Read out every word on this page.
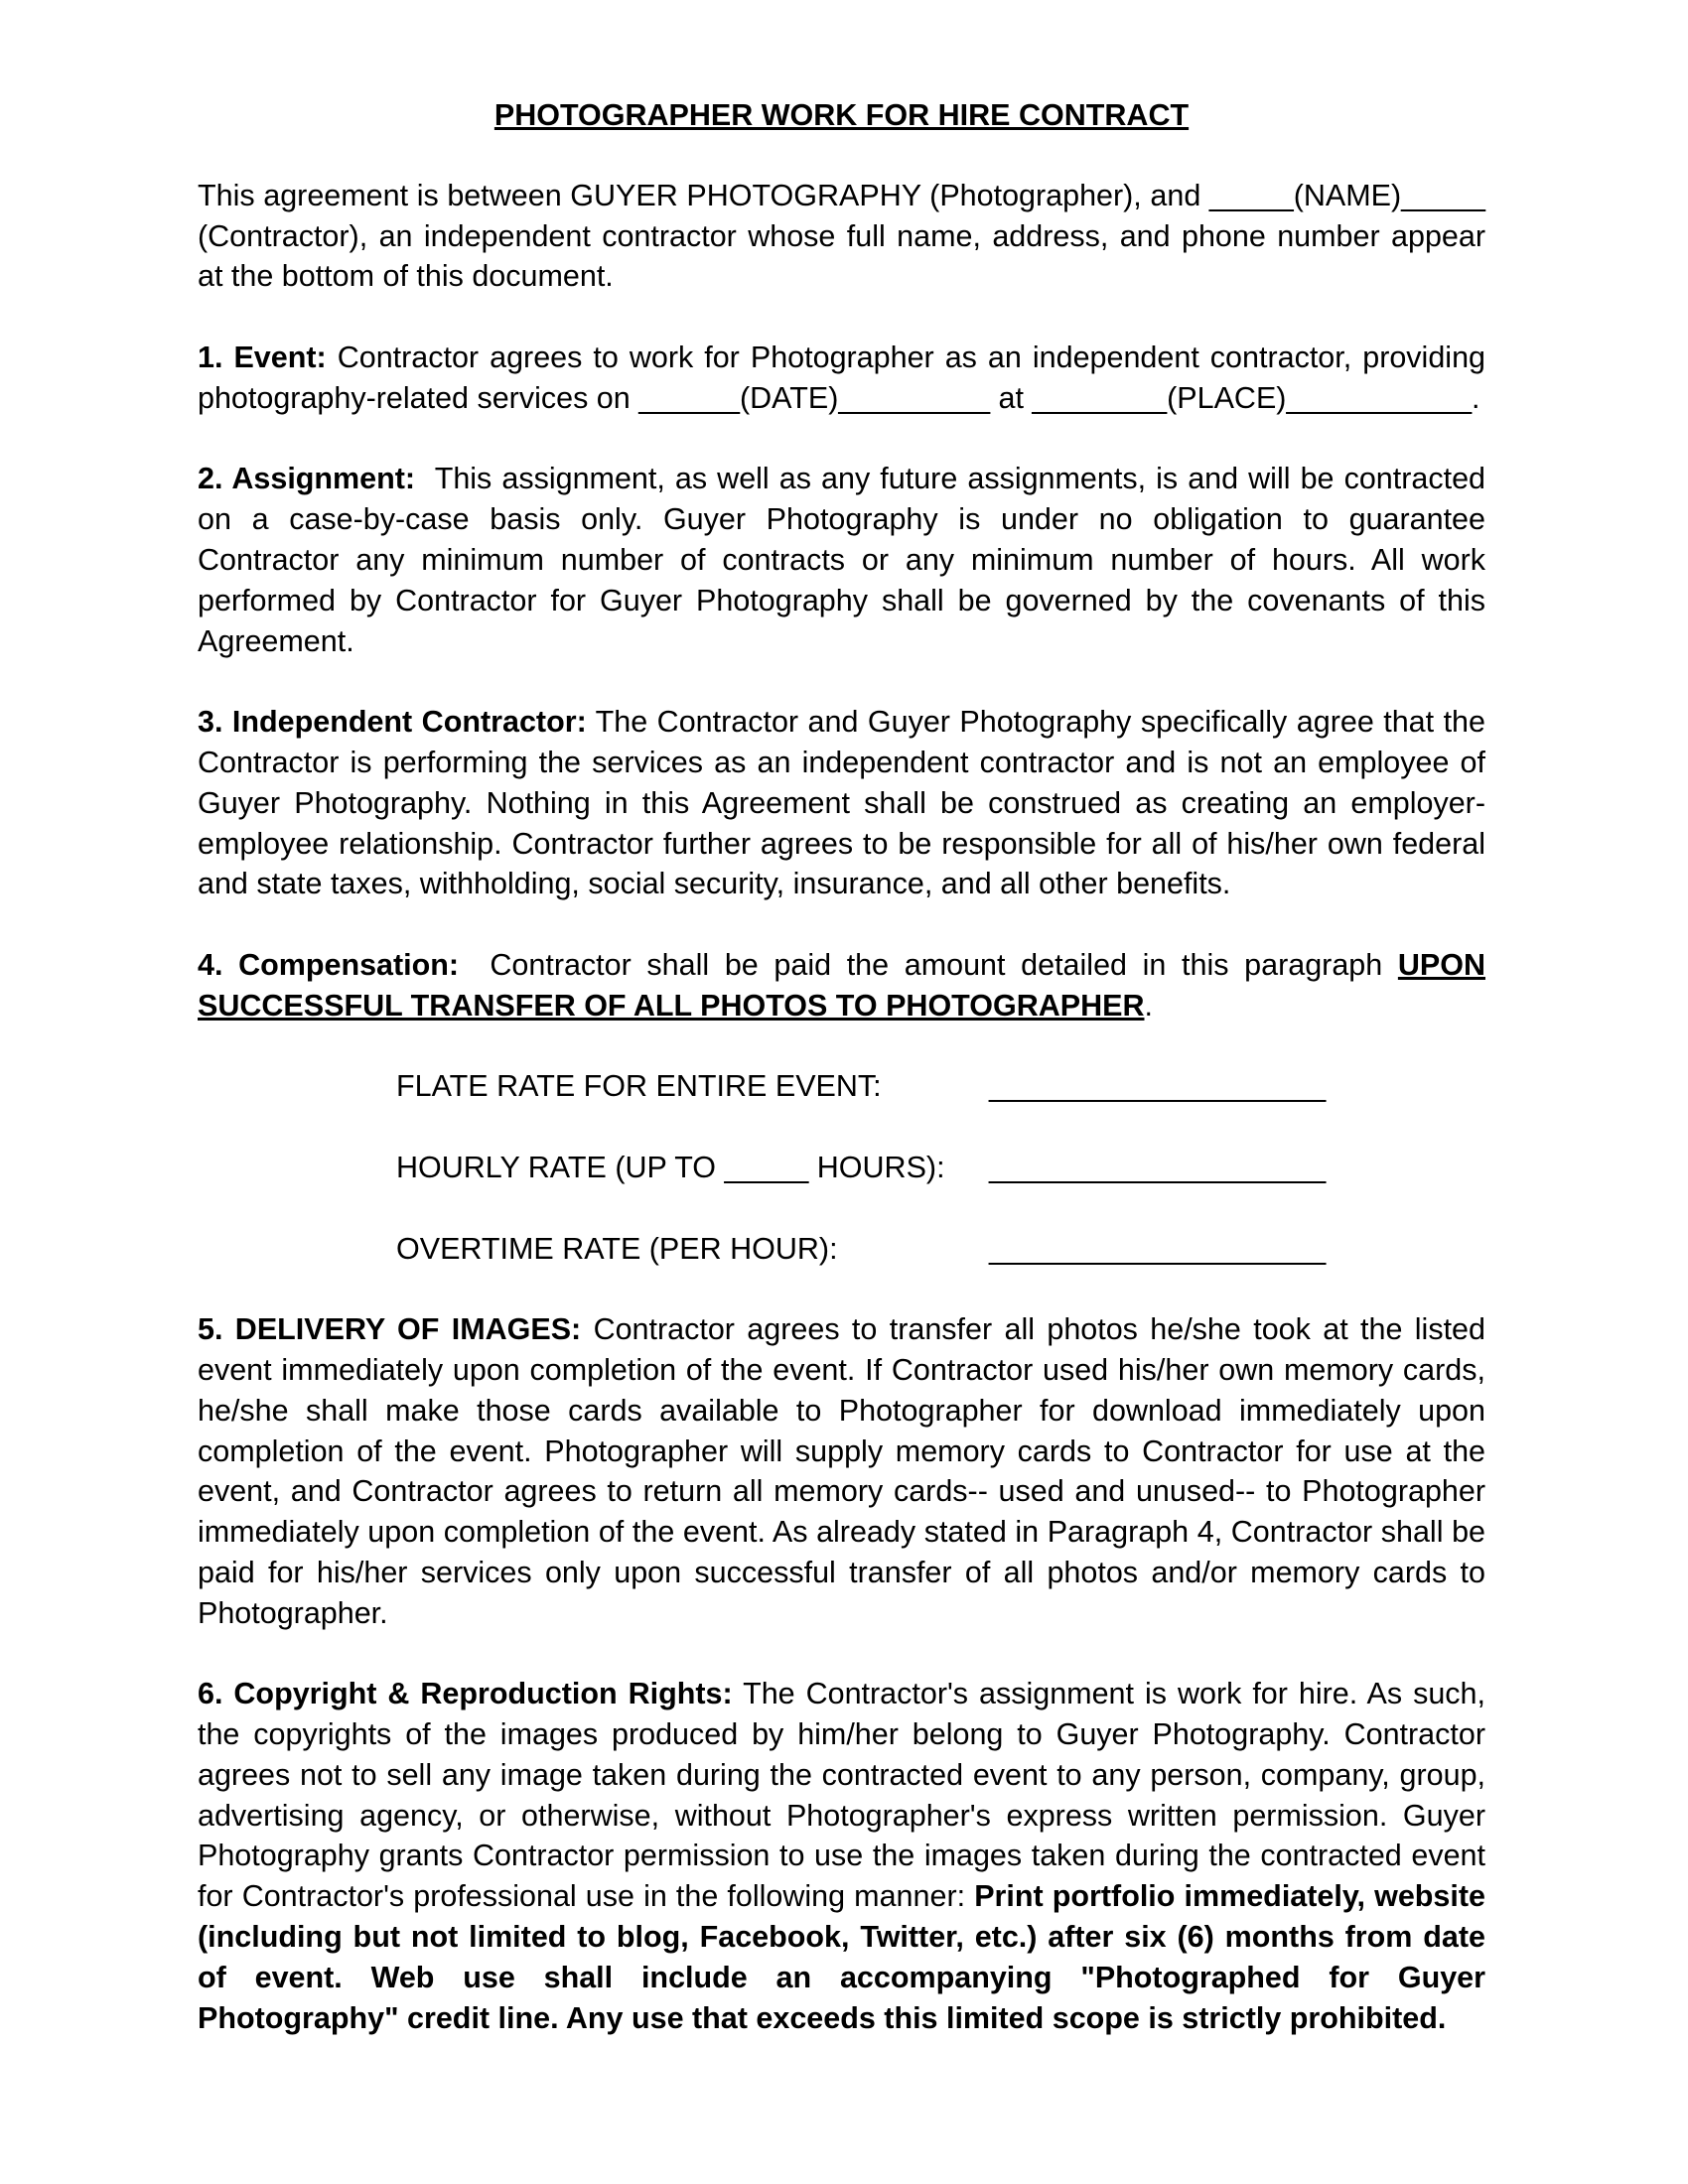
PHOTOGRAPHER WORK FOR HIRE CONTRACT

This agreement is between GUYER PHOTOGRAPHY (Photographer), and _____(NAME)_____ (Contractor), an independent contractor whose full name, address, and phone number appear at the bottom of this document.

1. Event: Contractor agrees to work for Photographer as an independent contractor, providing photography-related services on ______(DATE)_________ at ________(PLACE)___________.

2. Assignment: This assignment, as well as any future assignments, is and will be contracted on a case-by-case basis only. Guyer Photography is under no obligation to guarantee Contractor any minimum number of contracts or any minimum number of hours. All work performed by Contractor for Guyer Photography shall be governed by the covenants of this Agreement.

3. Independent Contractor: The Contractor and Guyer Photography specifically agree that the Contractor is performing the services as an independent contractor and is not an employee of Guyer Photography. Nothing in this Agreement shall be construed as creating an employer-employee relationship. Contractor further agrees to be responsible for all of his/her own federal and state taxes, withholding, social security, insurance, and all other benefits.

4. Compensation: Contractor shall be paid the amount detailed in this paragraph UPON SUCCESSFUL TRANSFER OF ALL PHOTOS TO PHOTOGRAPHER.

FLATE RATE FOR ENTIRE EVENT:	____________________
HOURLY RATE (UP TO _____ HOURS):	____________________
OVERTIME RATE (PER HOUR):	____________________

5. DELIVERY OF IMAGES: Contractor agrees to transfer all photos he/she took at the listed event immediately upon completion of the event. If Contractor used his/her own memory cards, he/she shall make those cards available to Photographer for download immediately upon completion of the event. Photographer will supply memory cards to Contractor for use at the event, and Contractor agrees to return all memory cards-- used and unused-- to Photographer immediately upon completion of the event. As already stated in Paragraph 4, Contractor shall be paid for his/her services only upon successful transfer of all photos and/or memory cards to Photographer.

6. Copyright & Reproduction Rights: The Contractor's assignment is work for hire. As such, the copyrights of the images produced by him/her belong to Guyer Photography. Contractor agrees not to sell any image taken during the contracted event to any person, company, group, advertising agency, or otherwise, without Photographer's express written permission. Guyer Photography grants Contractor permission to use the images taken during the contracted event for Contractor's professional use in the following manner: Print portfolio immediately, website (including but not limited to blog, Facebook, Twitter, etc.) after six (6) months from date of event. Web use shall include an accompanying "Photographed for Guyer Photography" credit line. Any use that exceeds this limited scope is strictly prohibited.
